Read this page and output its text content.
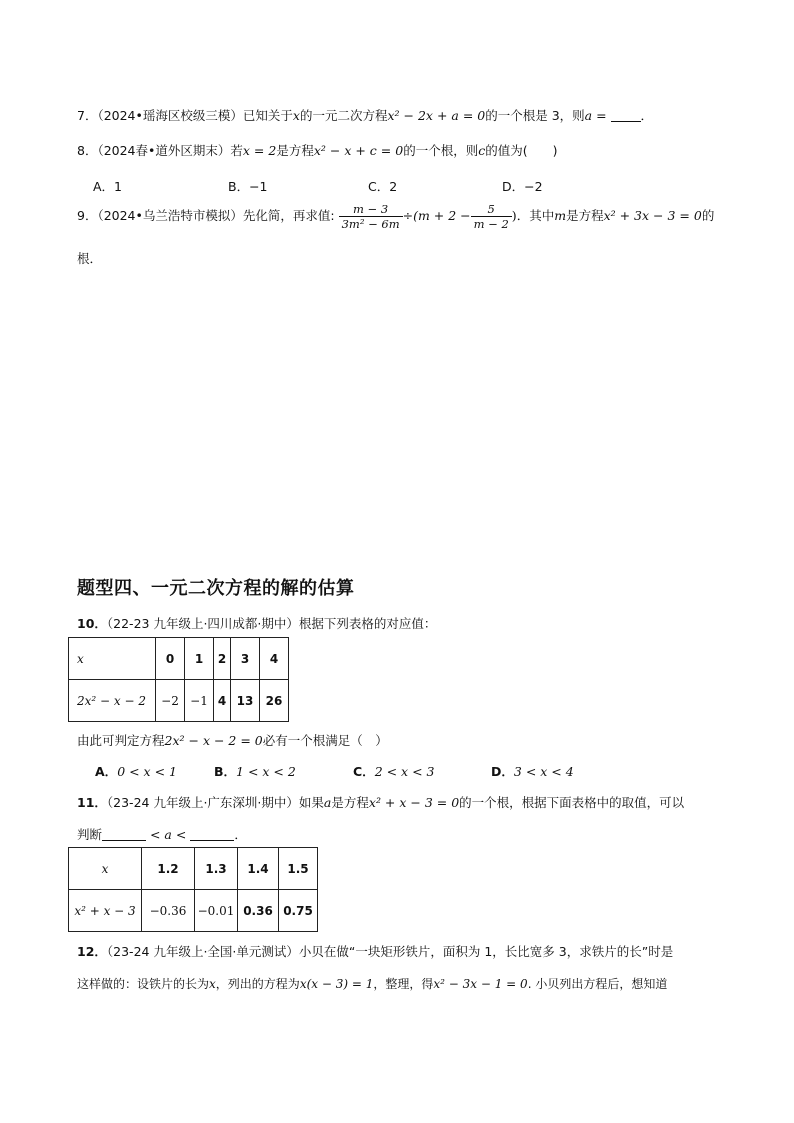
7．（2024•瑶海区校级三模）已知关于x的一元二次方程x² − 2x + a = 0的一个根是 3，则a = ．
8．（2024春•道外区期末）若x = 2是方程x² − x + c = 0的一个根，则c的值为(　　)
A．1	B．−1	C．2	D．−2
9．（2024•乌兰浩特市模拟）先化简，再求值: $\frac{m - 3}{\text{3m² − 6m}} \div(m + 2 - \frac{5}{m - 2}$ )．其中m是方程x² + 3x − 3 = 0的
根．
题型四、一元二次方程的解的估算
10．（22-23 九年级上·四川成都·期中）根据下列表格的对应值：
x	0	1	2	3	4
2x² − x − 2	−2	−1	4	13	26
由此可判定方程2x² − x − 2 = 0必有一个根满足（　）
A．0 < x < 1	B．1 < x < 2	C．2 < x < 3	D．3 < x < 4
11．（23-24 九年级上·广东深圳·期中）如果a是方程x² + x − 3 = 0的一个根，根据下面表格中的取值，可以
判断	< a <	．
x	1.2	1.3	1.4	1.5
x² + x − 3	−0.36	−0.01	0.36	0.75
12．（23-24 九年级上·全国·单元测试）小贝在做“一块矩形铁片，面积为 1，长比宽多 3，求铁片的长”时是
这样做的：设铁片的长为x，列出的方程为x(x − 3) = 1，整理，得x² − 3x − 1 = 0. 小贝列出方程后，想知道
